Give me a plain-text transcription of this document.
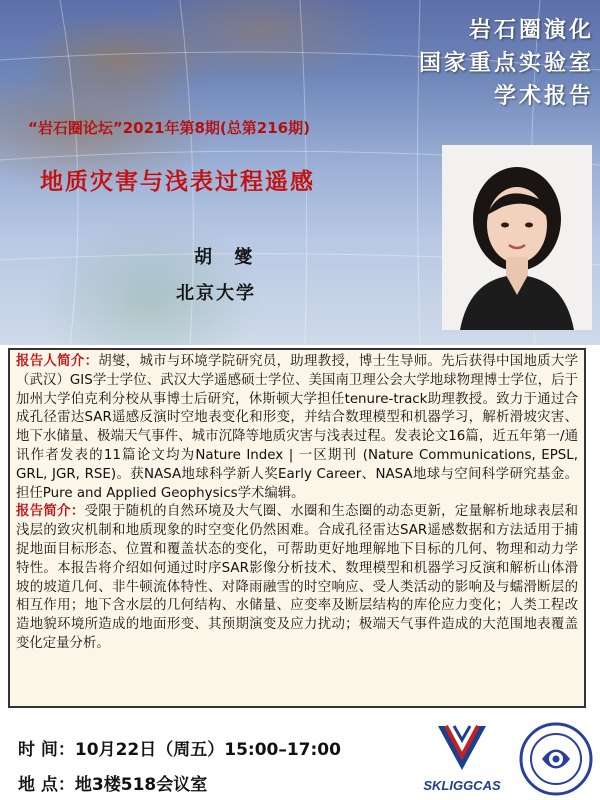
岩石圈演化
国家重点实验室
学术报告
“岩石圈论坛”2021年第8期(总第216期)
地质灾害与浅表过程遥感
胡 燮
北京大学

报告人简介：胡燮，城市与环境学院研究员，助理教授，博士生导师。先后获得中国地质大学（武汉）GIS学士学位、武汉大学遥感硕士学位、美国南卫理公会大学地球物理博士学位，后于加州大学伯克利分校从事博士后研究，休斯顿大学担任tenure-track助理教授。致力于通过合成孔径雷达SAR遥感反演时空地表变化和形变，并结合数理模型和机器学习，解析滑坡灾害、地下水储量、极端天气事件、城市沉降等地质灾害与浅表过程。发表论文16篇，近五年第一/通讯作者发表的11篇论文均为Nature Index | 一区期刊 (Nature Communications, EPSL, GRL, JGR, RSE)。获NASA地球科学新人奖Early Career、NASA地球与空间科学研究基金。担任Pure and Applied Geophysics学术编辑。

报告简介：受限于随机的自然环境及大气圈、水圈和生态圈的动态更新，定量解析地球表层和浅层的致灾机制和地质现象的时空变化仍然困难。合成孔径雷达SAR遥感数据和方法适用于捕捉地面目标形态、位置和覆盖状态的变化，可帮助更好地理解地下目标的几何、物理和动力学特性。本报告将介绍如何通过时序SAR影像分析技术、数理模型和机器学习反演和解析山体滑坡的坡道几何、非牛顿流体特性、对降雨融雪的时空响应、受人类活动的影响及与蠕滑断层的相互作用；地下含水层的几何结构、水储量、应变率及断层结构的库伦应力变化；人类工程改造地貌环境所造成的地面形变、其预期演变及应力扰动；极端天气事件造成的大范围地表覆盖变化定量分析。

时 间：10月22日（周五）15:00–17:00
地 点：地3楼518会议室	SKLIGGCAS
